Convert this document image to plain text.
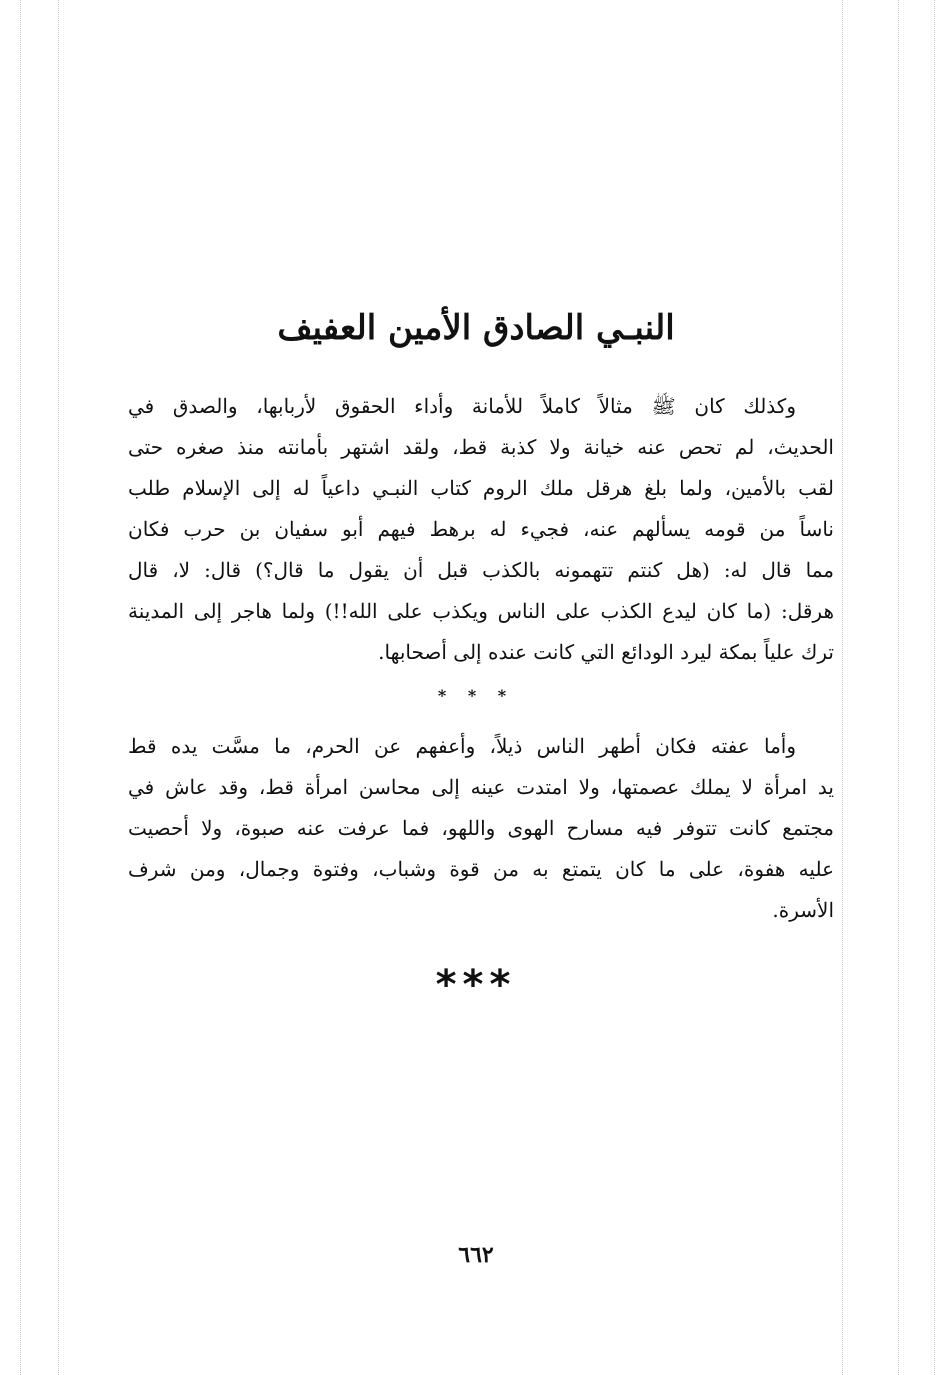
النبـي الصادق الأمين العفيف
وكذلك كان ﷺ مثالاً كاملاً للأمانة وأداء الحقوق لأربابها، والصدق في
الحديث، لم تحص عنه خيانة ولا كذبة قط، ولقد اشتهر بأمانته منذ صغره حتى
لقب بالأمين، ولما بلغ هرقل ملك الروم كتاب النبـي داعياً له إلى الإسلام طلب
ناساً من قومه يسألهم عنه، فجيء له برهط فيهم أبو سفيان بن حرب فكان
مما قال له: (هل كنتم تتهمونه بالكذب قبل أن يقول ما قال؟) قال: لا، قال
هرقل: (ما كان ليدع الكذب على الناس ويكذب على الله!!) ولما هاجر إلى المدينة
ترك علياً بمكة ليرد الودائع التي كانت عنده إلى أصحابها.
* * *
وأما عفته فكان أطهر الناس ذيلاً، وأعفهم عن الحرم، ما مسَّت يده قط
يد امرأة لا يملك عصمتها، ولا امتدت عينه إلى محاسن امرأة قط، وقد عاش في
مجتمع كانت تتوفر فيه مسارح الهوى واللهو، فما عرفت عنه صبوة، ولا أحصيت
عليه هفوة، على ما كان يتمتع به من قوة وشباب، وفتوة وجمال، ومن شرف
الأسرة.
***
٦٦٢
